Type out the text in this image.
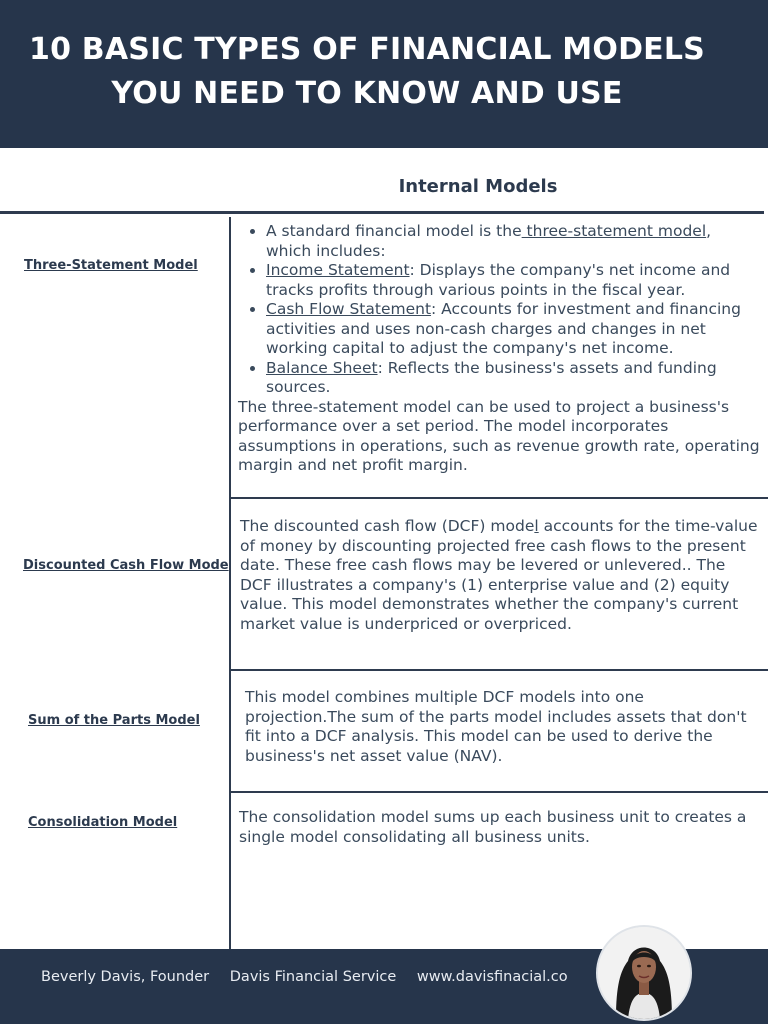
10 BASIC TYPES OF FINANCIAL MODELS
YOU NEED TO KNOW AND USE
Internal Models
Three-Statement Model
• A standard financial model is the three-statement model, which includes:
• Income Statement: Displays the company's net income and tracks profits through various points in the fiscal year.
• Cash Flow Statement: Accounts for investment and financing activities and uses non-cash charges and changes in net working capital to adjust the company's net income.
• Balance Sheet: Reflects the business's assets and funding sources.
The three-statement model can be used to project a business's performance over a set period. The model incorporates assumptions in operations, such as revenue growth rate, operating margin and net profit margin.
Discounted Cash Flow Mode
The discounted cash flow (DCF) model accounts for the time-value of money by discounting projected free cash flows to the present date. These free cash flows may be levered or unlevered.. The DCF illustrates a company's (1) enterprise value and (2) equity value. This model demonstrates whether the company's current market value is underpriced or overpriced.
Sum of the Parts Model
This model combines multiple DCF models into one projection.The sum of the parts model includes assets that don't fit into a DCF analysis. This model can be used to derive the business's net asset value (NAV).
Consolidation Model	The consolidation model sums up each business unit to creates a single model consolidating all business units.
Beverly Davis, Founder Davis Financial Service www.davisfinacial.co
